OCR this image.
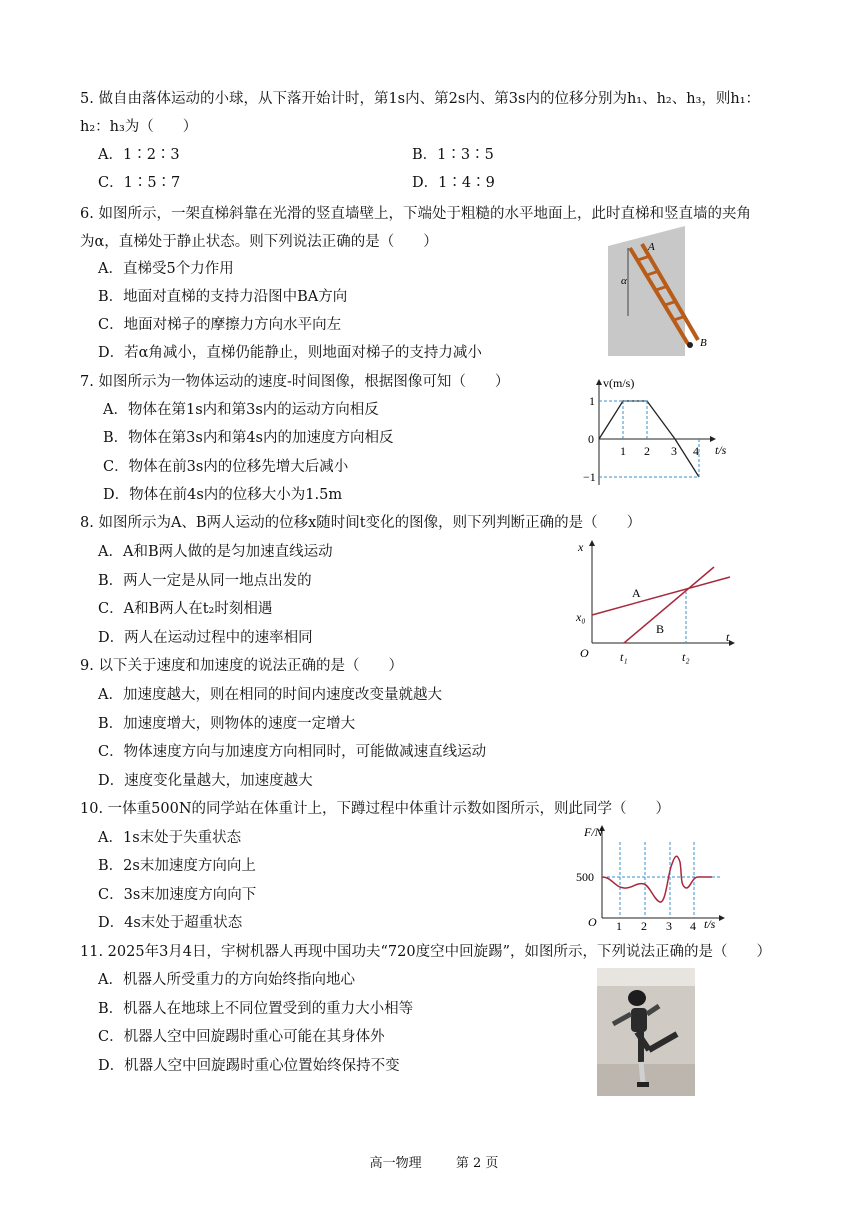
5. 做自由落体运动的小球，从下落开始计时，第1s内、第2s内、第3s内的位移分别为h₁、h₂、h₃，则h₁：
h₂：h₃为（　　）
A．1∶2∶3	B．1∶3∶5
C．1∶5∶7	D．1∶4∶9
6. 如图所示，一架直梯斜靠在光滑的竖直墙壁上，下端处于粗糙的水平地面上，此时直梯和竖直墙的夹角
为α，直梯处于静止状态。则下列说法正确的是（　　）
A．直梯受5个力作用
B．地面对直梯的支持力沿图中BA方向
C．地面对梯子的摩擦力方向水平向左
D．若α角减小，直梯仍能静止，则地面对梯子的支持力减小
A
B
α
7. 如图所示为一物体运动的速度-时间图像，根据图像可知（　　）
A．物体在第1s内和第3s内的运动方向相反
B．物体在第3s内和第4s内的加速度方向相反
C．物体在前3s内的位移先增大后减小
D．物体在前4s内的位移大小为1.5m
v(m/s)
t/s
0
1
−1
1 2 3 4
8. 如图所示为A、B两人运动的位移x随时间t变化的图像，则下列判断正确的是（　　）
A．A和B两人做的是匀加速直线运动
B．两人一定是从同一地点出发的
C．A和B两人在t₂时刻相遇
D．两人在运动过程中的速率相同
x
t
O
x₀
t₁	t₂
A
B
9. 以下关于速度和加速度的说法正确的是（　　）
A．加速度越大，则在相同的时间内速度改变量就越大
B．加速度增大，则物体的速度一定增大
C．物体速度方向与加速度方向相同时，可能做减速直线运动
D．速度变化量越大，加速度越大
10. 一体重500N的同学站在体重计上，下蹲过程中体重计示数如图所示，则此同学（　　）
A．1s末处于失重状态
B．2s末加速度方向向上
C．3s末加速度方向向下
D．4s末处于超重状态
F/N
t/s
O
500
1 2 3 4
11. 2025年3月4日，宇树机器人再现中国功夫“720度空中回旋踢”，如图所示，下列说法正确的是（　　）
A．机器人所受重力的方向始终指向地心
B．机器人在地球上不同位置受到的重力大小相等
C．机器人空中回旋踢时重心可能在其身体外
D．机器人空中回旋踢时重心位置始终保持不变
高一物理	第 2 页
